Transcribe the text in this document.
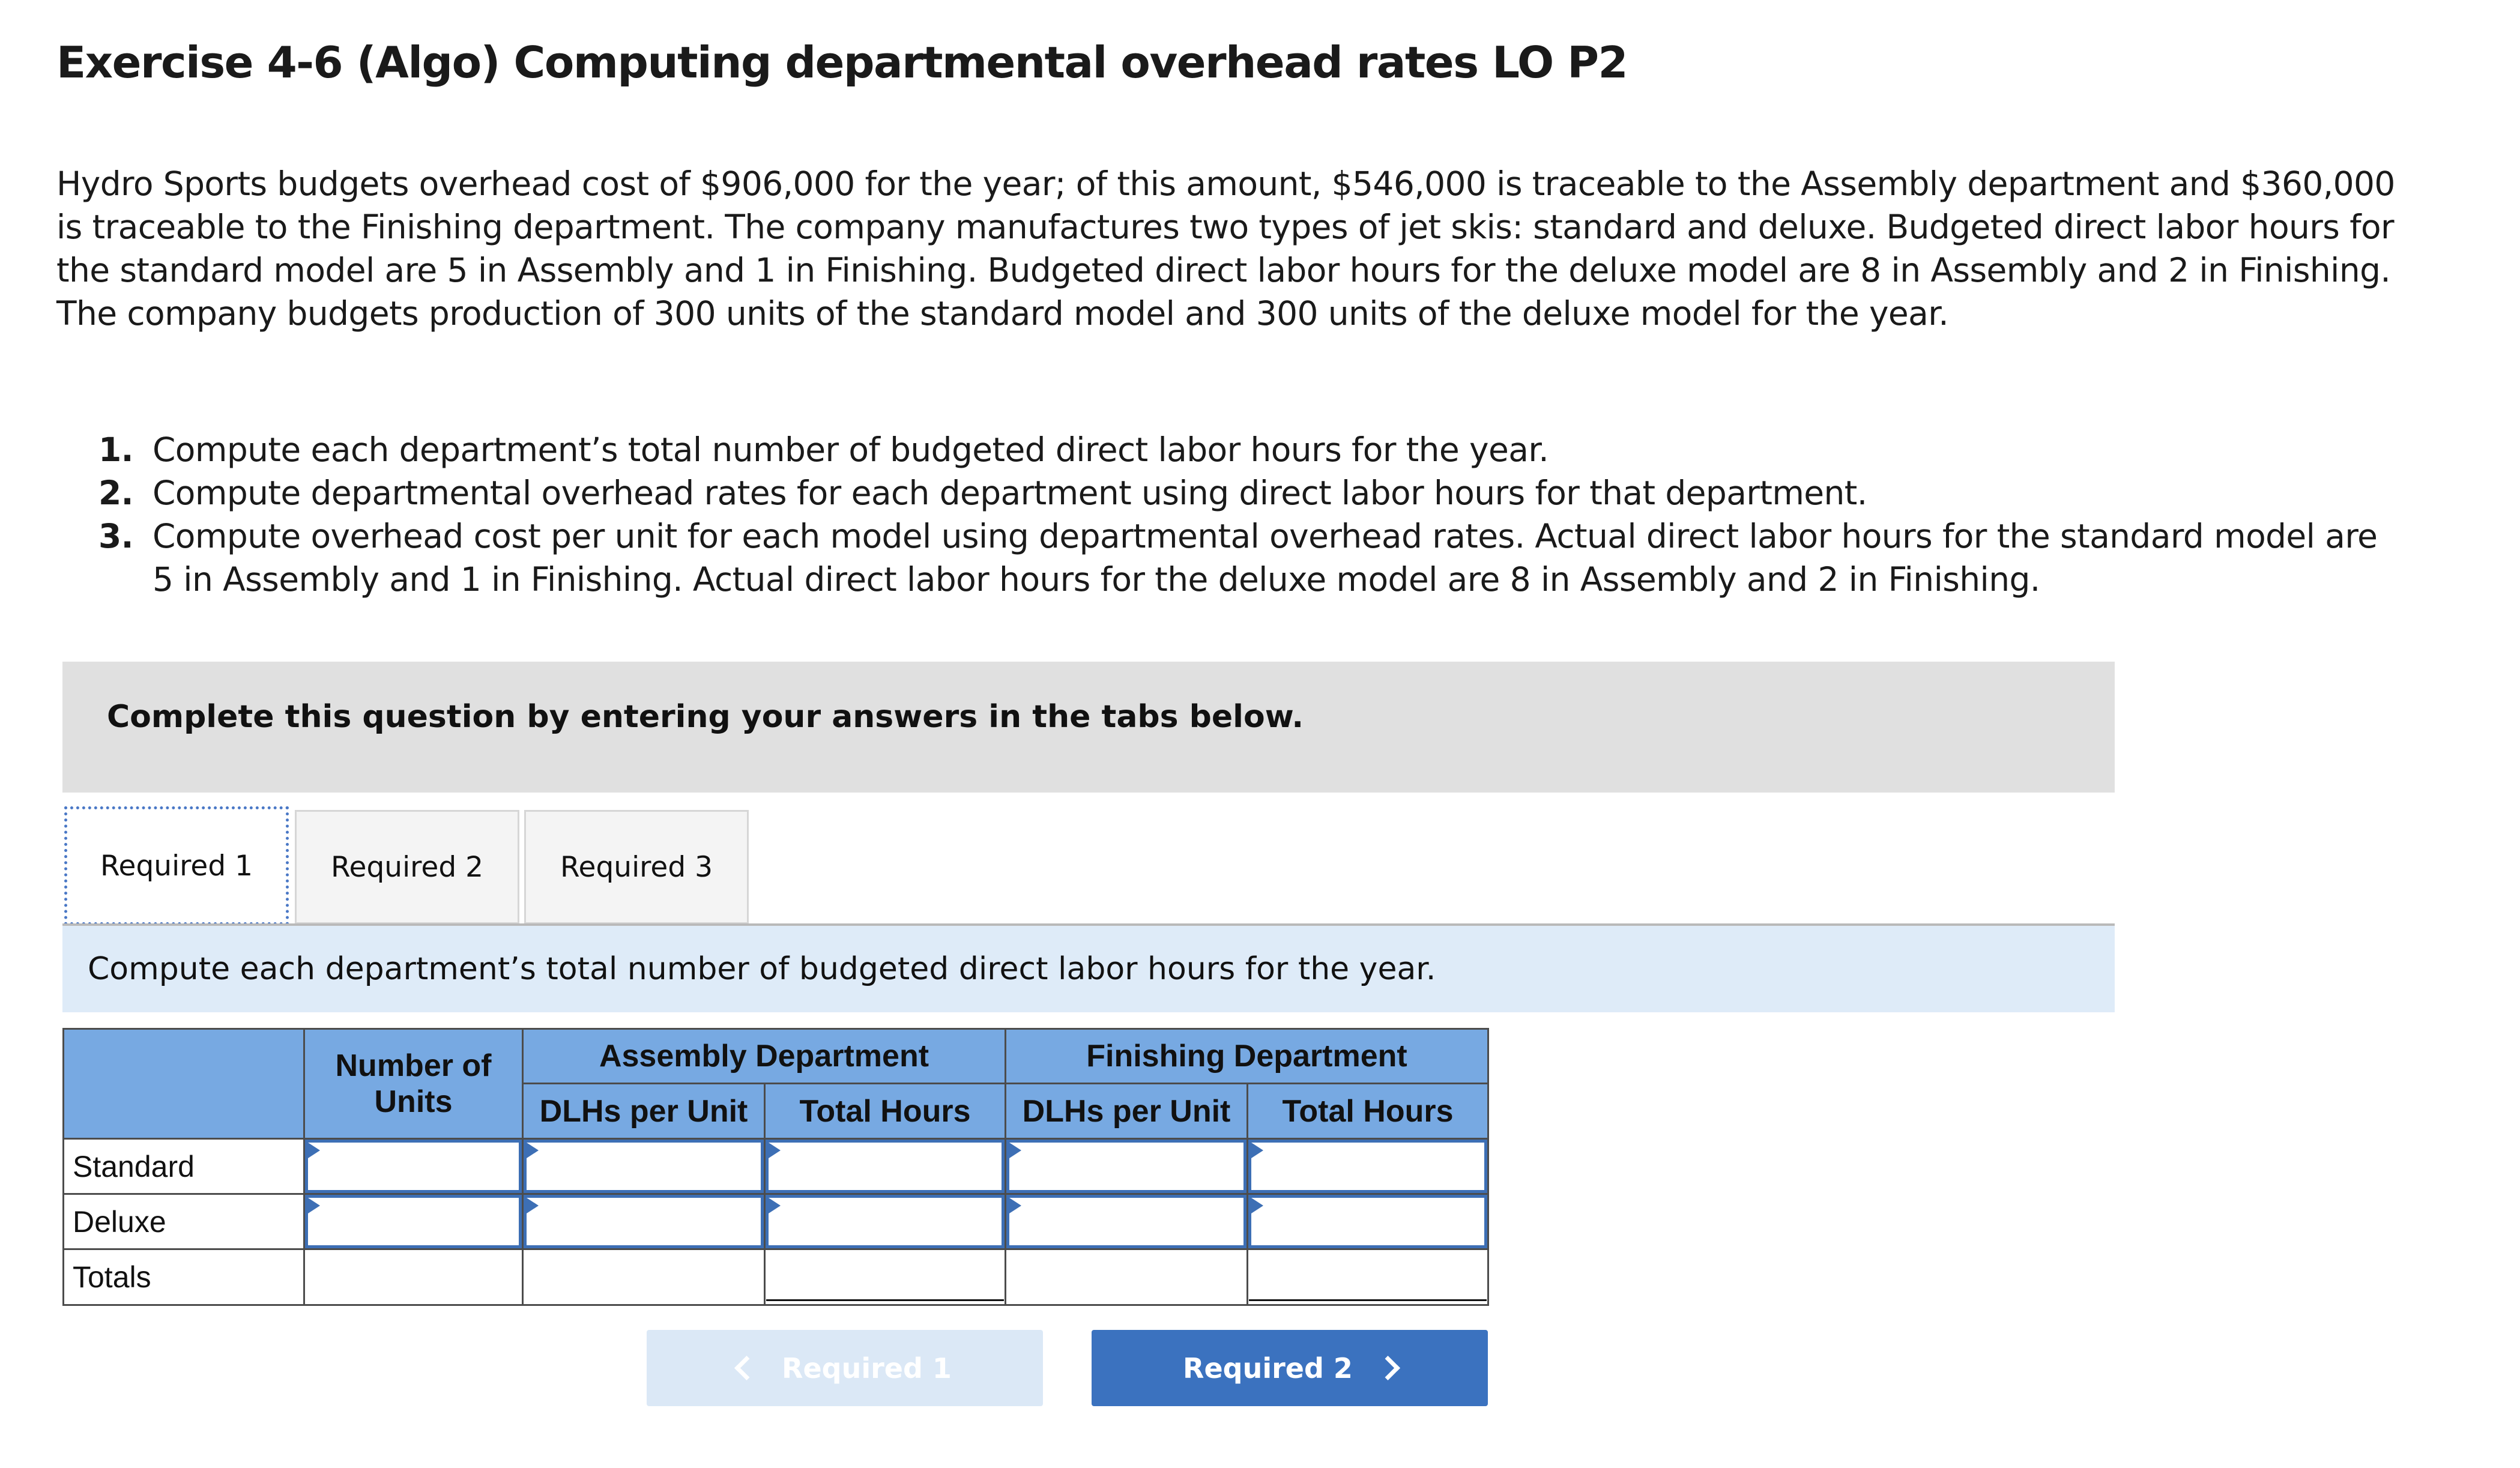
Exercise 4-6 (Algo) Computing departmental overhead rates LO P2

Hydro Sports budgets overhead cost of $906,000 for the year; of this amount, $546,000 is traceable to the Assembly department and $360,000 is traceable to the Finishing department. The company manufactures two types of jet skis: standard and deluxe. Budgeted direct labor hours for the standard model are 5 in Assembly and 1 in Finishing. Budgeted direct labor hours for the deluxe model are 8 in Assembly and 2 in Finishing. The company budgets production of 300 units of the standard model and 300 units of the deluxe model for the year.

1. Compute each department’s total number of budgeted direct labor hours for the year.
2. Compute departmental overhead rates for each department using direct labor hours for that department.
3. Compute overhead cost per unit for each model using departmental overhead rates. Actual direct labor hours for the standard model are 5 in Assembly and 1 in Finishing. Actual direct labor hours for the deluxe model are 8 in Assembly and 2 in Finishing.
Complete this question by entering your answers in the tabs below.
Required 1	Required 2	Required 3
Compute each department’s total number of budgeted direct labor hours for the year.
Number of Units
Assembly Department	Finishing Department
DLHs per Unit	Total Hours	DLHs per Unit	Total Hours
Standard
Deluxe
Totals
Required 1	Required 2
